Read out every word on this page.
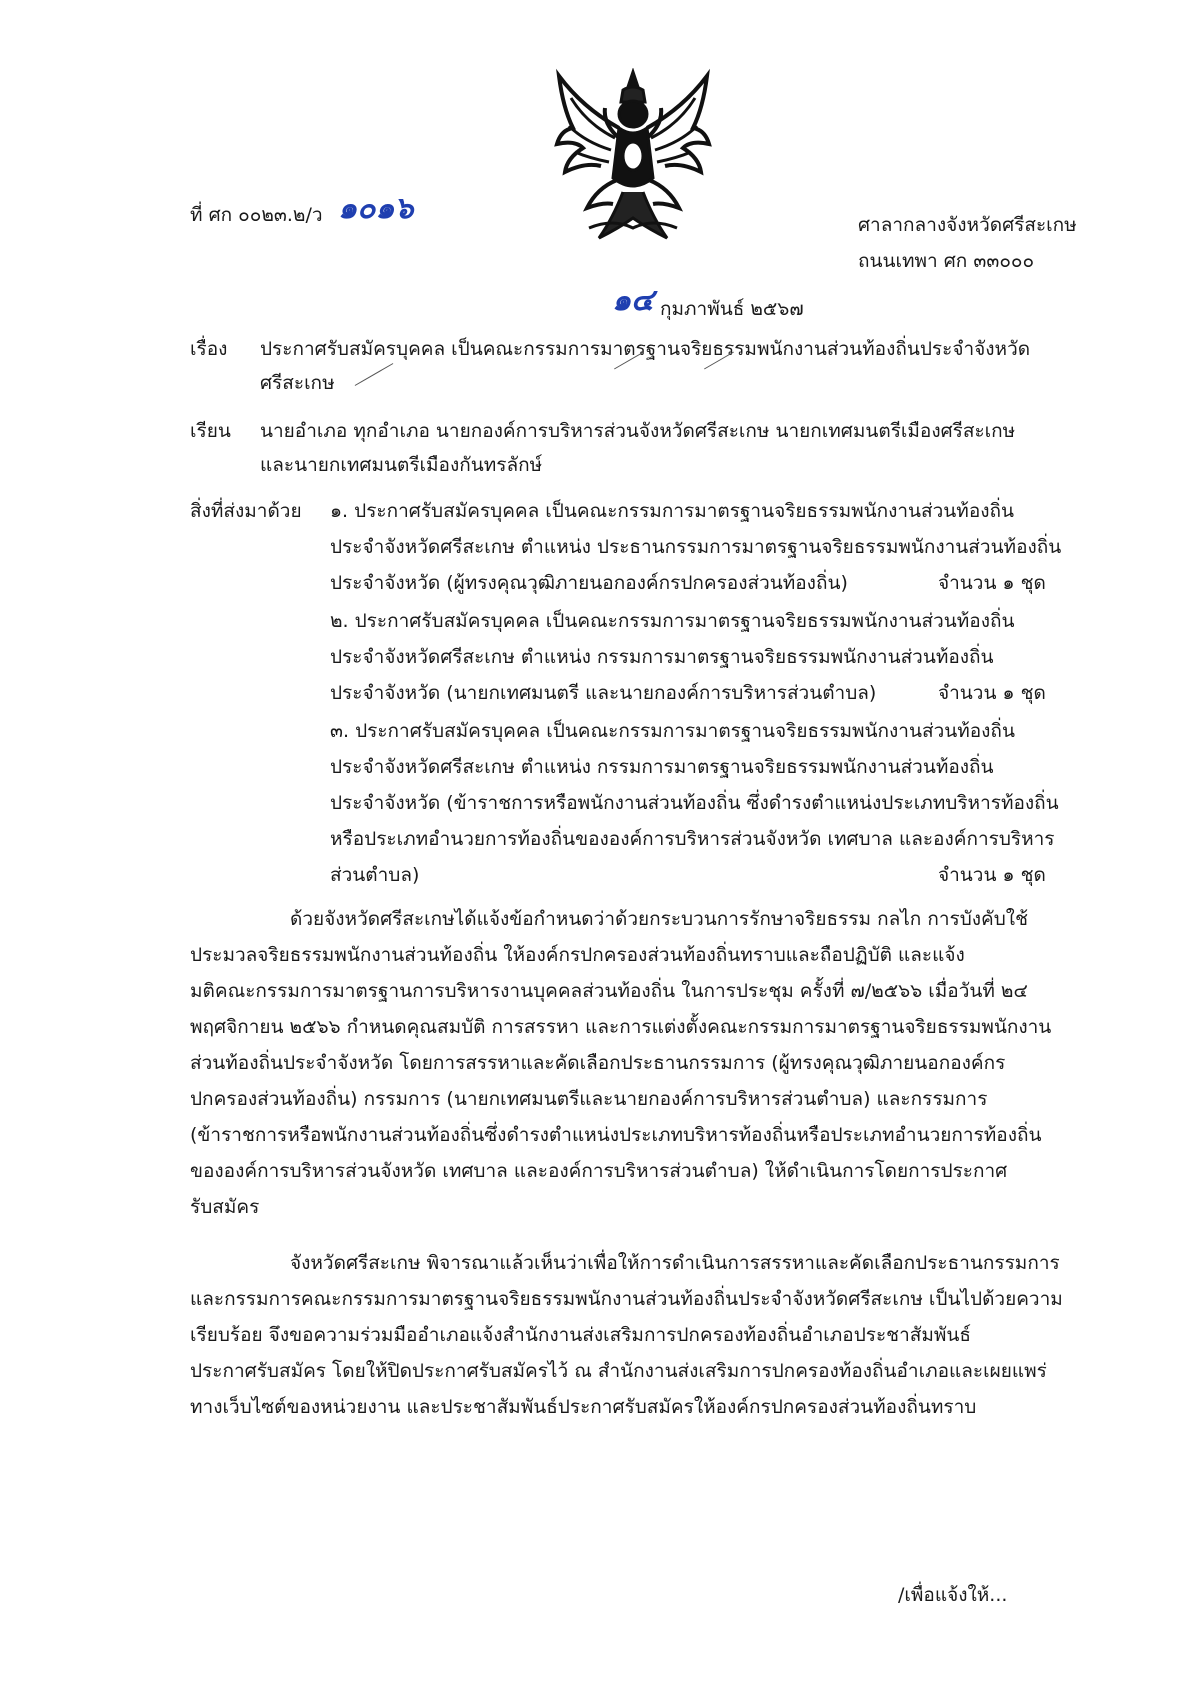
ที่ ศก ๐๐๒๓.๒/ว ๑๐๑๖	ศาลากลางจังหวัดศรีสะเกษ
ถนนเทพา ศก ๓๓๐๐๐
๑๔ กุมภาพันธ์ ๒๕๖๗
เรื่อง ประกาศรับสมัครบุคคล เป็นคณะกรรมการมาตรฐานจริยธรรมพนักงานส่วนท้องถิ่นประจำจังหวัด
ศรีสะเกษ
เรียน นายอำเภอ ทุกอำเภอ นายกองค์การบริหารส่วนจังหวัดศรีสะเกษ นายกเทศมนตรีเมืองศรีสะเกษ
และนายกเทศมนตรีเมืองกันทรลักษ์
สิ่งที่ส่งมาด้วย ๑. ประกาศรับสมัครบุคคล เป็นคณะกรรมการมาตรฐานจริยธรรมพนักงานส่วนท้องถิ่น
ประจำจังหวัดศรีสะเกษ ตำแหน่ง ประธานกรรมการมาตรฐานจริยธรรมพนักงานส่วนท้องถิ่น
ประจำจังหวัด (ผู้ทรงคุณวุฒิภายนอกองค์กรปกครองส่วนท้องถิ่น)	จำนวน ๑ ชุด
๒. ประกาศรับสมัครบุคคล เป็นคณะกรรมการมาตรฐานจริยธรรมพนักงานส่วนท้องถิ่น
ประจำจังหวัดศรีสะเกษ ตำแหน่ง กรรมการมาตรฐานจริยธรรมพนักงานส่วนท้องถิ่น
ประจำจังหวัด (นายกเทศมนตรี และนายกองค์การบริหารส่วนตำบล)	จำนวน ๑ ชุด
๓. ประกาศรับสมัครบุคคล เป็นคณะกรรมการมาตรฐานจริยธรรมพนักงานส่วนท้องถิ่น
ประจำจังหวัดศรีสะเกษ ตำแหน่ง กรรมการมาตรฐานจริยธรรมพนักงานส่วนท้องถิ่น
ประจำจังหวัด (ข้าราชการหรือพนักงานส่วนท้องถิ่น ซึ่งดำรงตำแหน่งประเภทบริหารท้องถิ่น
หรือประเภทอำนวยการท้องถิ่นขององค์การบริหารส่วนจังหวัด เทศบาล และองค์การบริหาร
ส่วนตำบล)	จำนวน ๑ ชุด
ด้วยจังหวัดศรีสะเกษได้แจ้งข้อกำหนดว่าด้วยกระบวนการรักษาจริยธรรม กลไก การบังคับใช้
ประมวลจริยธรรมพนักงานส่วนท้องถิ่น ให้องค์กรปกครองส่วนท้องถิ่นทราบและถือปฏิบัติ และแจ้ง
มติคณะกรรมการมาตรฐานการบริหารงานบุคคลส่วนท้องถิ่น ในการประชุม ครั้งที่ ๗/๒๕๖๖ เมื่อวันที่ ๒๔
พฤศจิกายน ๒๕๖๖ กำหนดคุณสมบัติ การสรรหา และการแต่งตั้งคณะกรรมการมาตรฐานจริยธรรมพนักงาน
ส่วนท้องถิ่นประจำจังหวัด โดยการสรรหาและคัดเลือกประธานกรรมการ (ผู้ทรงคุณวุฒิภายนอกองค์กร
ปกครองส่วนท้องถิ่น) กรรมการ (นายกเทศมนตรีและนายกองค์การบริหารส่วนตำบล) และกรรมการ
(ข้าราชการหรือพนักงานส่วนท้องถิ่นซึ่งดำรงตำแหน่งประเภทบริหารท้องถิ่นหรือประเภทอำนวยการท้องถิ่น
ขององค์การบริหารส่วนจังหวัด เทศบาล และองค์การบริหารส่วนตำบล) ให้ดำเนินการโดยการประกาศ
รับสมัคร
จังหวัดศรีสะเกษ พิจารณาแล้วเห็นว่าเพื่อให้การดำเนินการสรรหาและคัดเลือกประธานกรรมการ
และกรรมการคณะกรรมการมาตรฐานจริยธรรมพนักงานส่วนท้องถิ่นประจำจังหวัดศรีสะเกษ เป็นไปด้วยความ
เรียบร้อย จึงขอความร่วมมืออำเภอแจ้งสำนักงานส่งเสริมการปกครองท้องถิ่นอำเภอประชาสัมพันธ์
ประกาศรับสมัคร โดยให้ปิดประกาศรับสมัครไว้ ณ สำนักงานส่งเสริมการปกครองท้องถิ่นอำเภอและเผยแพร่
ทางเว็บไซต์ของหน่วยงาน และประชาสัมพันธ์ประกาศรับสมัครให้องค์กรปกครองส่วนท้องถิ่นทราบ
/เพื่อแจ้งให้...
